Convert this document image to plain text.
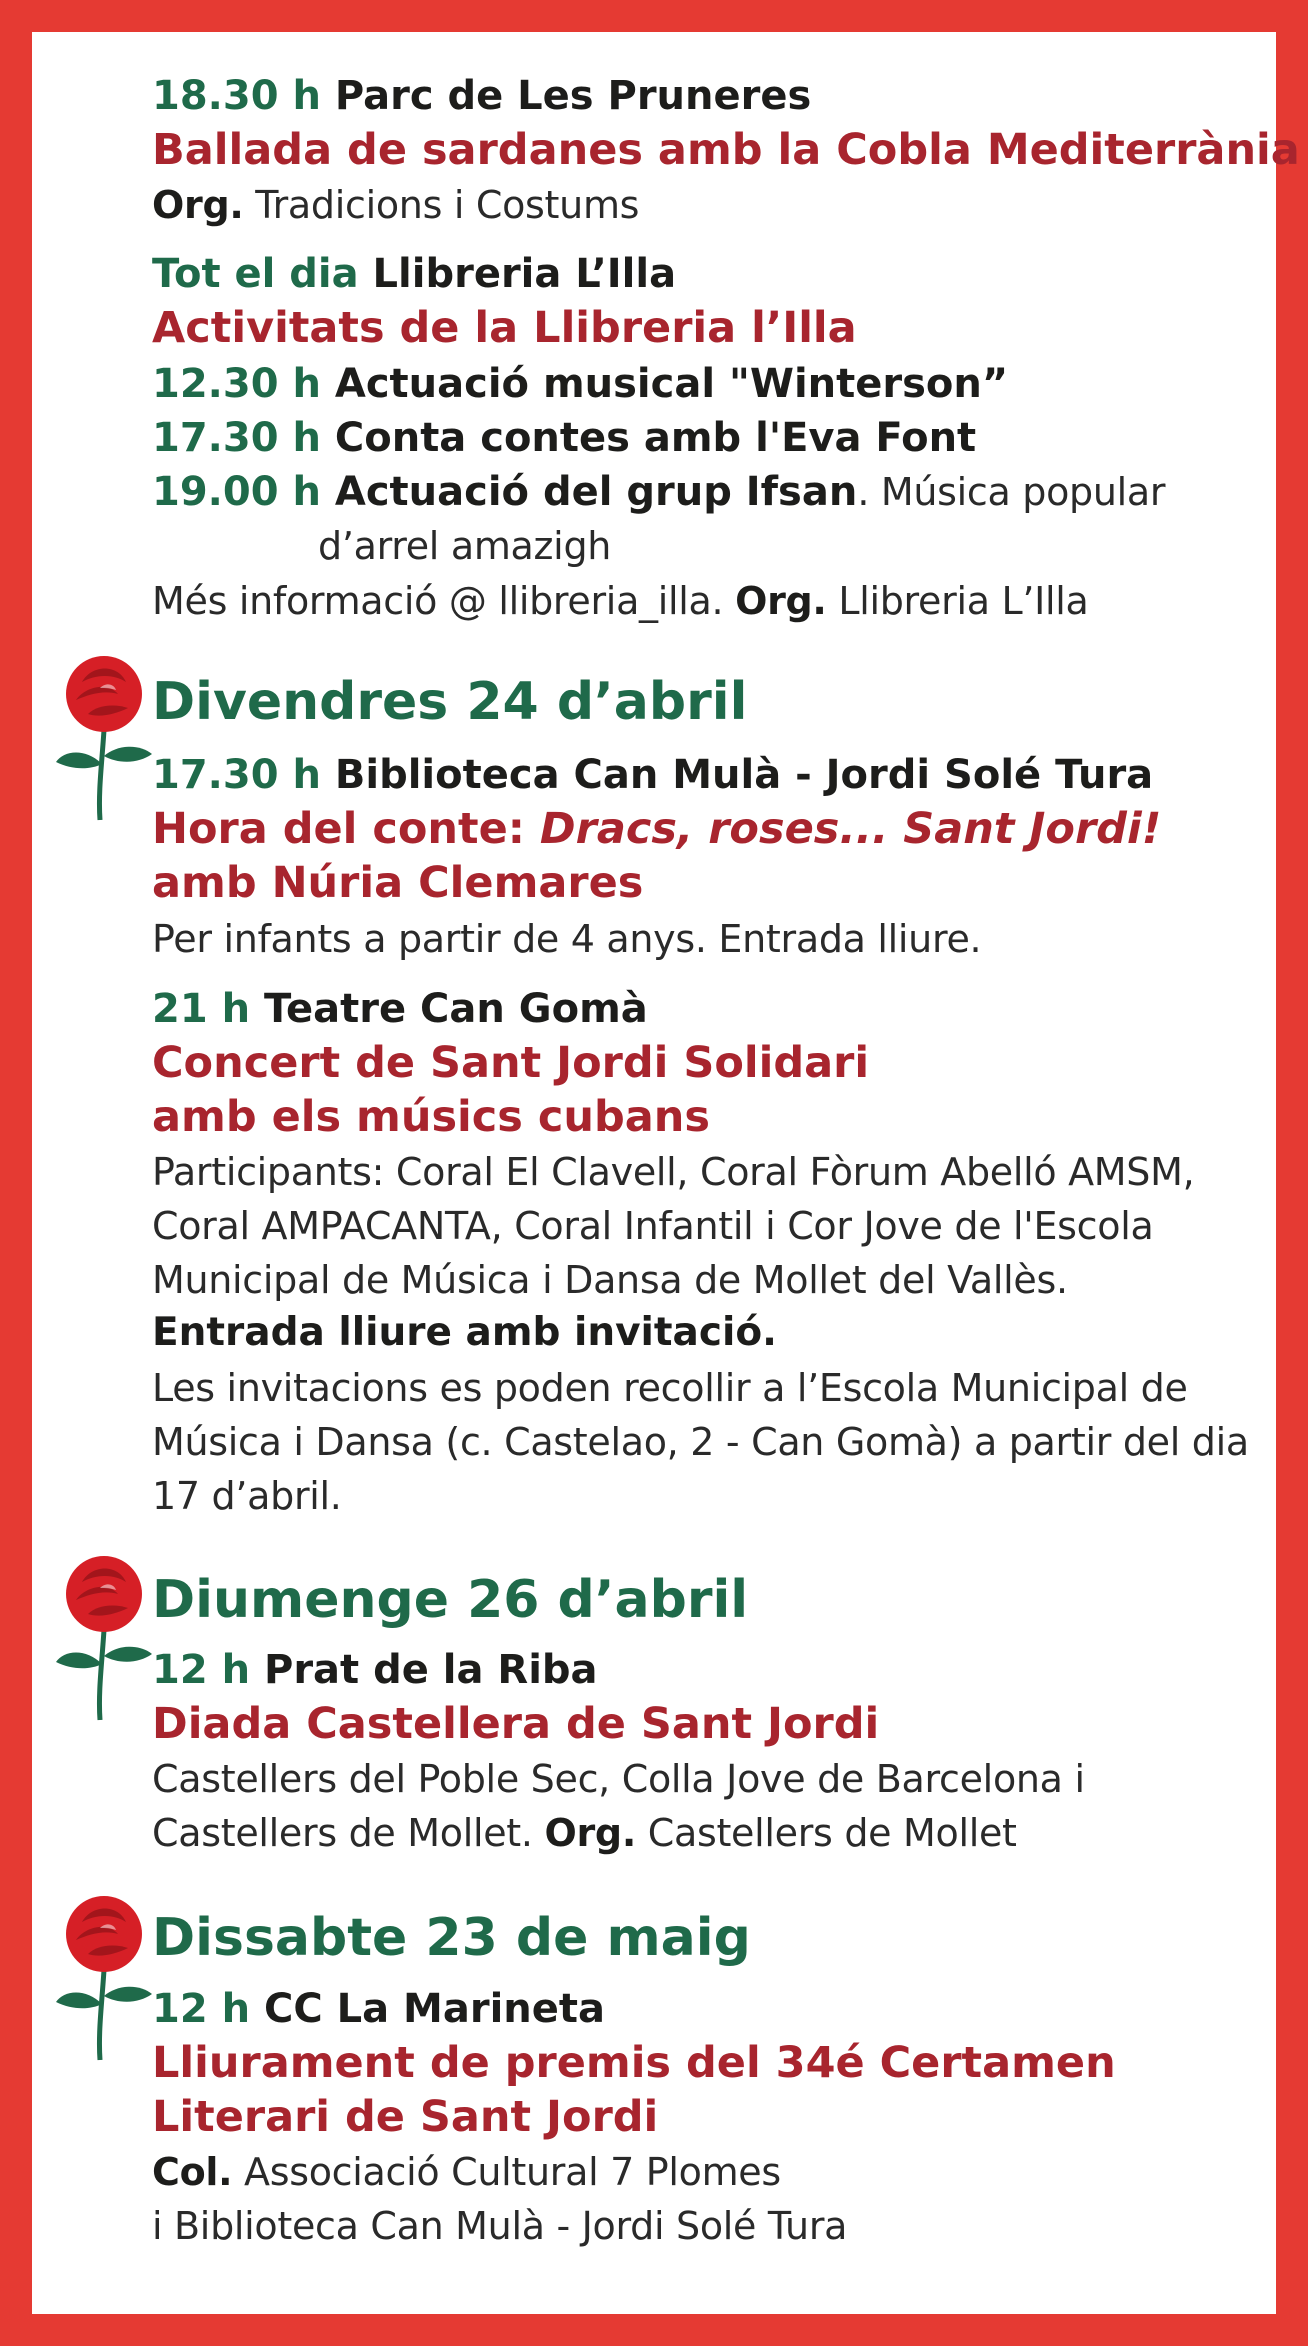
18.30 h Parc de Les Pruneres
Ballada de sardanes amb la Cobla Mediterrània
Org. Tradicions i Costums
Tot el dia Llibreria L’Illa
Activitats de la Llibreria l’Illa
12.30 h Actuació musical "Winterson”
17.30 h Conta contes amb l'Eva Font
19.00 h Actuació del grup Ifsan. Música popular
d’arrel amazigh
Més informació @ llibreria_illa. Org. Llibreria L’Illa
Divendres 24 d’abril
17.30 h Biblioteca Can Mulà - Jordi Solé Tura
Hora del conte: Dracs, roses... Sant Jordi!
amb Núria Clemares
Per infants a partir de 4 anys. Entrada lliure.
21 h Teatre Can Gomà
Concert de Sant Jordi Solidari
amb els músics cubans
Participants: Coral El Clavell, Coral Fòrum Abelló AMSM,
Coral AMPACANTA, Coral Infantil i Cor Jove de l'Escola
Municipal de Música i Dansa de Mollet del Vallès.
Entrada lliure amb invitació.
Les invitacions es poden recollir a l’Escola Municipal de
Música i Dansa (c. Castelao, 2 - Can Gomà) a partir del dia
17 d’abril.
Diumenge 26 d’abril
12 h Prat de la Riba
Diada Castellera de Sant Jordi
Castellers del Poble Sec, Colla Jove de Barcelona i
Castellers de Mollet. Org. Castellers de Mollet
Dissabte 23 de maig
12 h CC La Marineta
Lliurament de premis del 34é Certamen
Literari de Sant Jordi
Col. Associació Cultural 7 Plomes
i Biblioteca Can Mulà - Jordi Solé Tura
